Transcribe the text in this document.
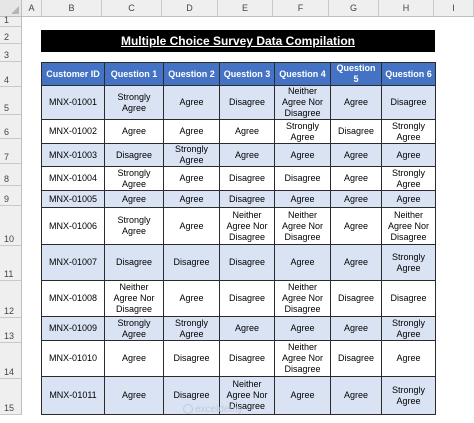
A	B	C	D	E	F	G	H	I
1
2
3
4
5
6
7
8
9
10
11
12
13
14
15
Multiple Choice Survey Data Compilation
Customer ID	Question 1	Question 2	Question 3	Question 4	Question 5	Question 6
MNX-01001	Strongly Agree	Agree	Disagree	Neither Agree Nor Disagree	Agree	Disagree
MNX-01002	Agree	Agree	Agree	Strongly Agree	Disagree	Strongly Agree
MNX-01003	Disagree	Strongly Agree	Agree	Agree	Agree	Agree
MNX-01004	Strongly Agree	Agree	Disagree	Disagree	Agree	Strongly Agree
MNX-01005	Agree	Agree	Disagree	Agree	Agree	Agree
MNX-01006	Strongly Agree	Agree	Neither Agree Nor Disagree	Neither Agree Nor Disagree	Agree	Neither Agree Nor Disagree
MNX-01007	Disagree	Disagree	Disagree	Agree	Agree	Strongly Agree
MNX-01008	Neither Agree Nor Disagree	Agree	Disagree	Neither Agree Nor Disagree	Disagree	Disagree
MNX-01009	Strongly Agree	Strongly Agree	Agree	Agree	Agree	Strongly Agree
MNX-01010	Agree	Disagree	Disagree	Neither Agree Nor Disagree	Disagree	Agree
MNX-01011	Agree	Disagree	Neither Agree Nor Disagree	Agree	Agree	Strongly Agree
exceldemy
